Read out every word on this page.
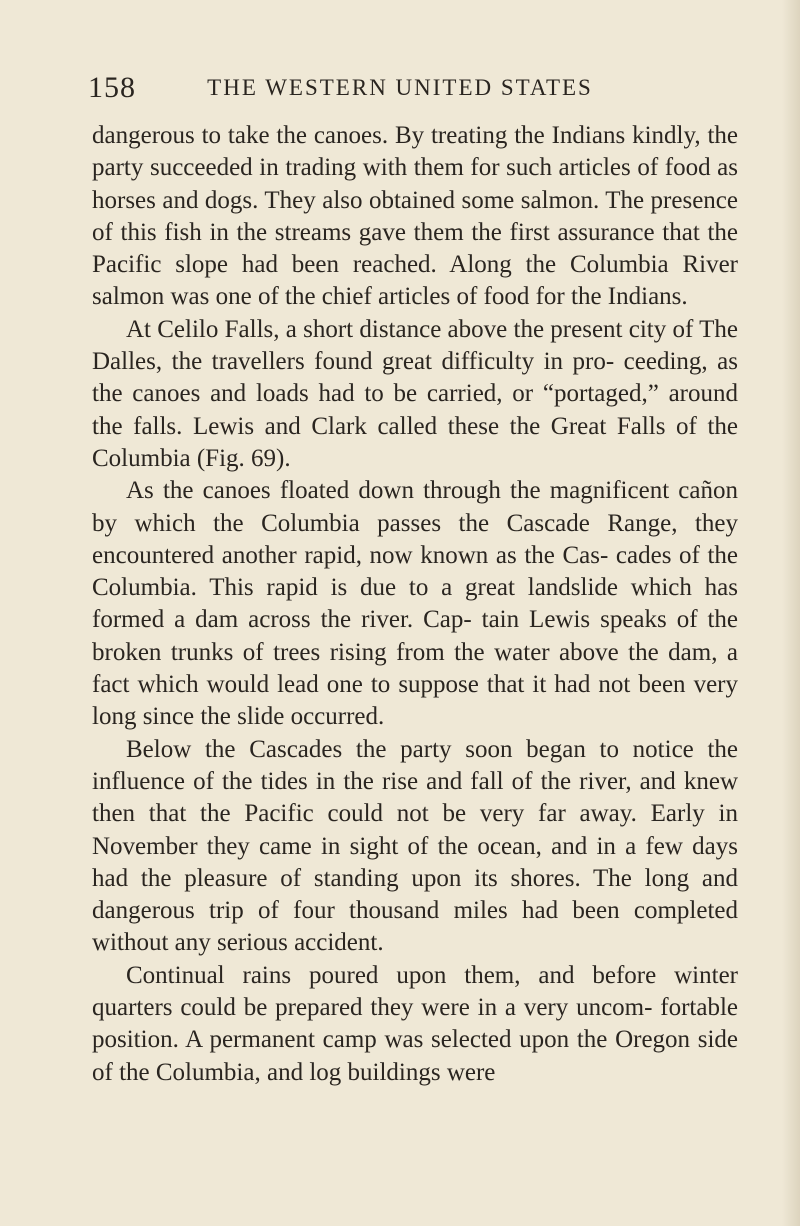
158	THE WESTERN UNITED STATES

dangerous to take the canoes. By treating the Indians kindly, the party succeeded in trading with them for such articles of food as horses and dogs. They also obtained some salmon. The presence of this fish in the streams gave them the first assurance that the Pacific slope had been reached. Along the Columbia River salmon was one of the chief articles of food for the Indians.

At Celilo Falls, a short distance above the present city of The Dalles, the travellers found great difficulty in pro- ceeding, as the canoes and loads had to be carried, or “portaged,” around the falls. Lewis and Clark called these the Great Falls of the Columbia (Fig. 69).

As the canoes floated down through the magnificent cañon by which the Columbia passes the Cascade Range, they encountered another rapid, now known as the Cas- cades of the Columbia. This rapid is due to a great landslide which has formed a dam across the river. Cap- tain Lewis speaks of the broken trunks of trees rising from the water above the dam, a fact which would lead one to suppose that it had not been very long since the slide occurred.

Below the Cascades the party soon began to notice the influence of the tides in the rise and fall of the river, and knew then that the Pacific could not be very far away. Early in November they came in sight of the ocean, and in a few days had the pleasure of standing upon its shores. The long and dangerous trip of four thousand miles had been completed without any serious accident.

Continual rains poured upon them, and before winter quarters could be prepared they were in a very uncom- fortable position. A permanent camp was selected upon the Oregon side of the Columbia, and log buildings were
